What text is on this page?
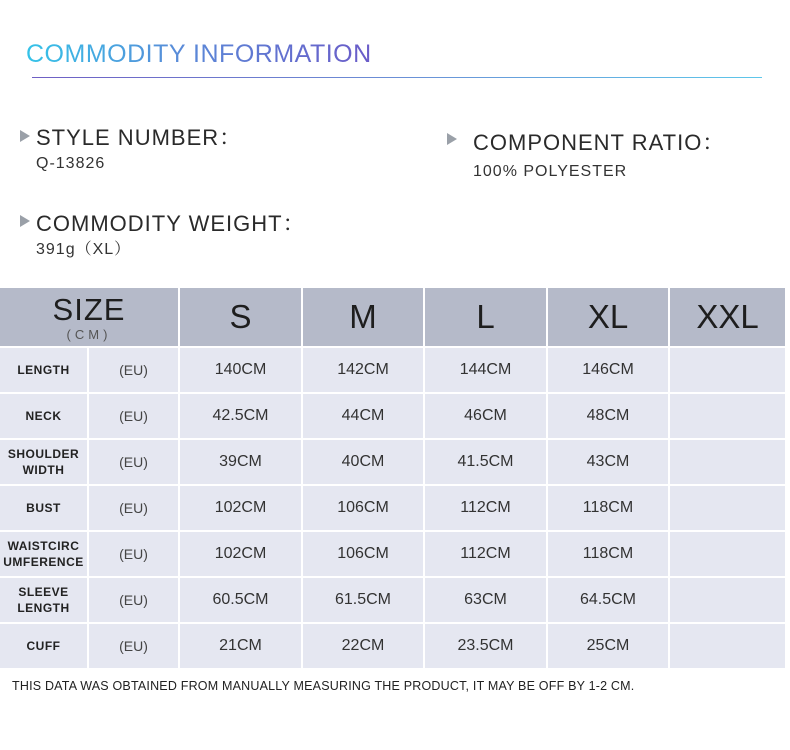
COMMODITY INFORMATION
STYLE NUMBER：
Q-13826
COMMODITY WEIGHT：
391g（XL）
COMPONENT RATIO：
100% POLYESTER
SIZE
(CM)	S	M	L	XL	XXL
LENGTH	(EU)	140CM	142CM	144CM	146CM
NECK	(EU)	42.5CM	44CM	46CM	48CM
SHOULDER
WIDTH	(EU)	39CM	40CM	41.5CM	43CM
BUST	(EU)	102CM	106CM	112CM	118CM
WAISTCIRC
UMFERENCE	(EU)	102CM	106CM	112CM	118CM
SLEEVE
LENGTH	(EU)	60.5CM	61.5CM	63CM	64.5CM
CUFF	(EU)	21CM	22CM	23.5CM	25CM
THIS DATA WAS OBTAINED FROM MANUALLY MEASURING THE PRODUCT, IT MAY BE OFF BY 1-2 CM.
